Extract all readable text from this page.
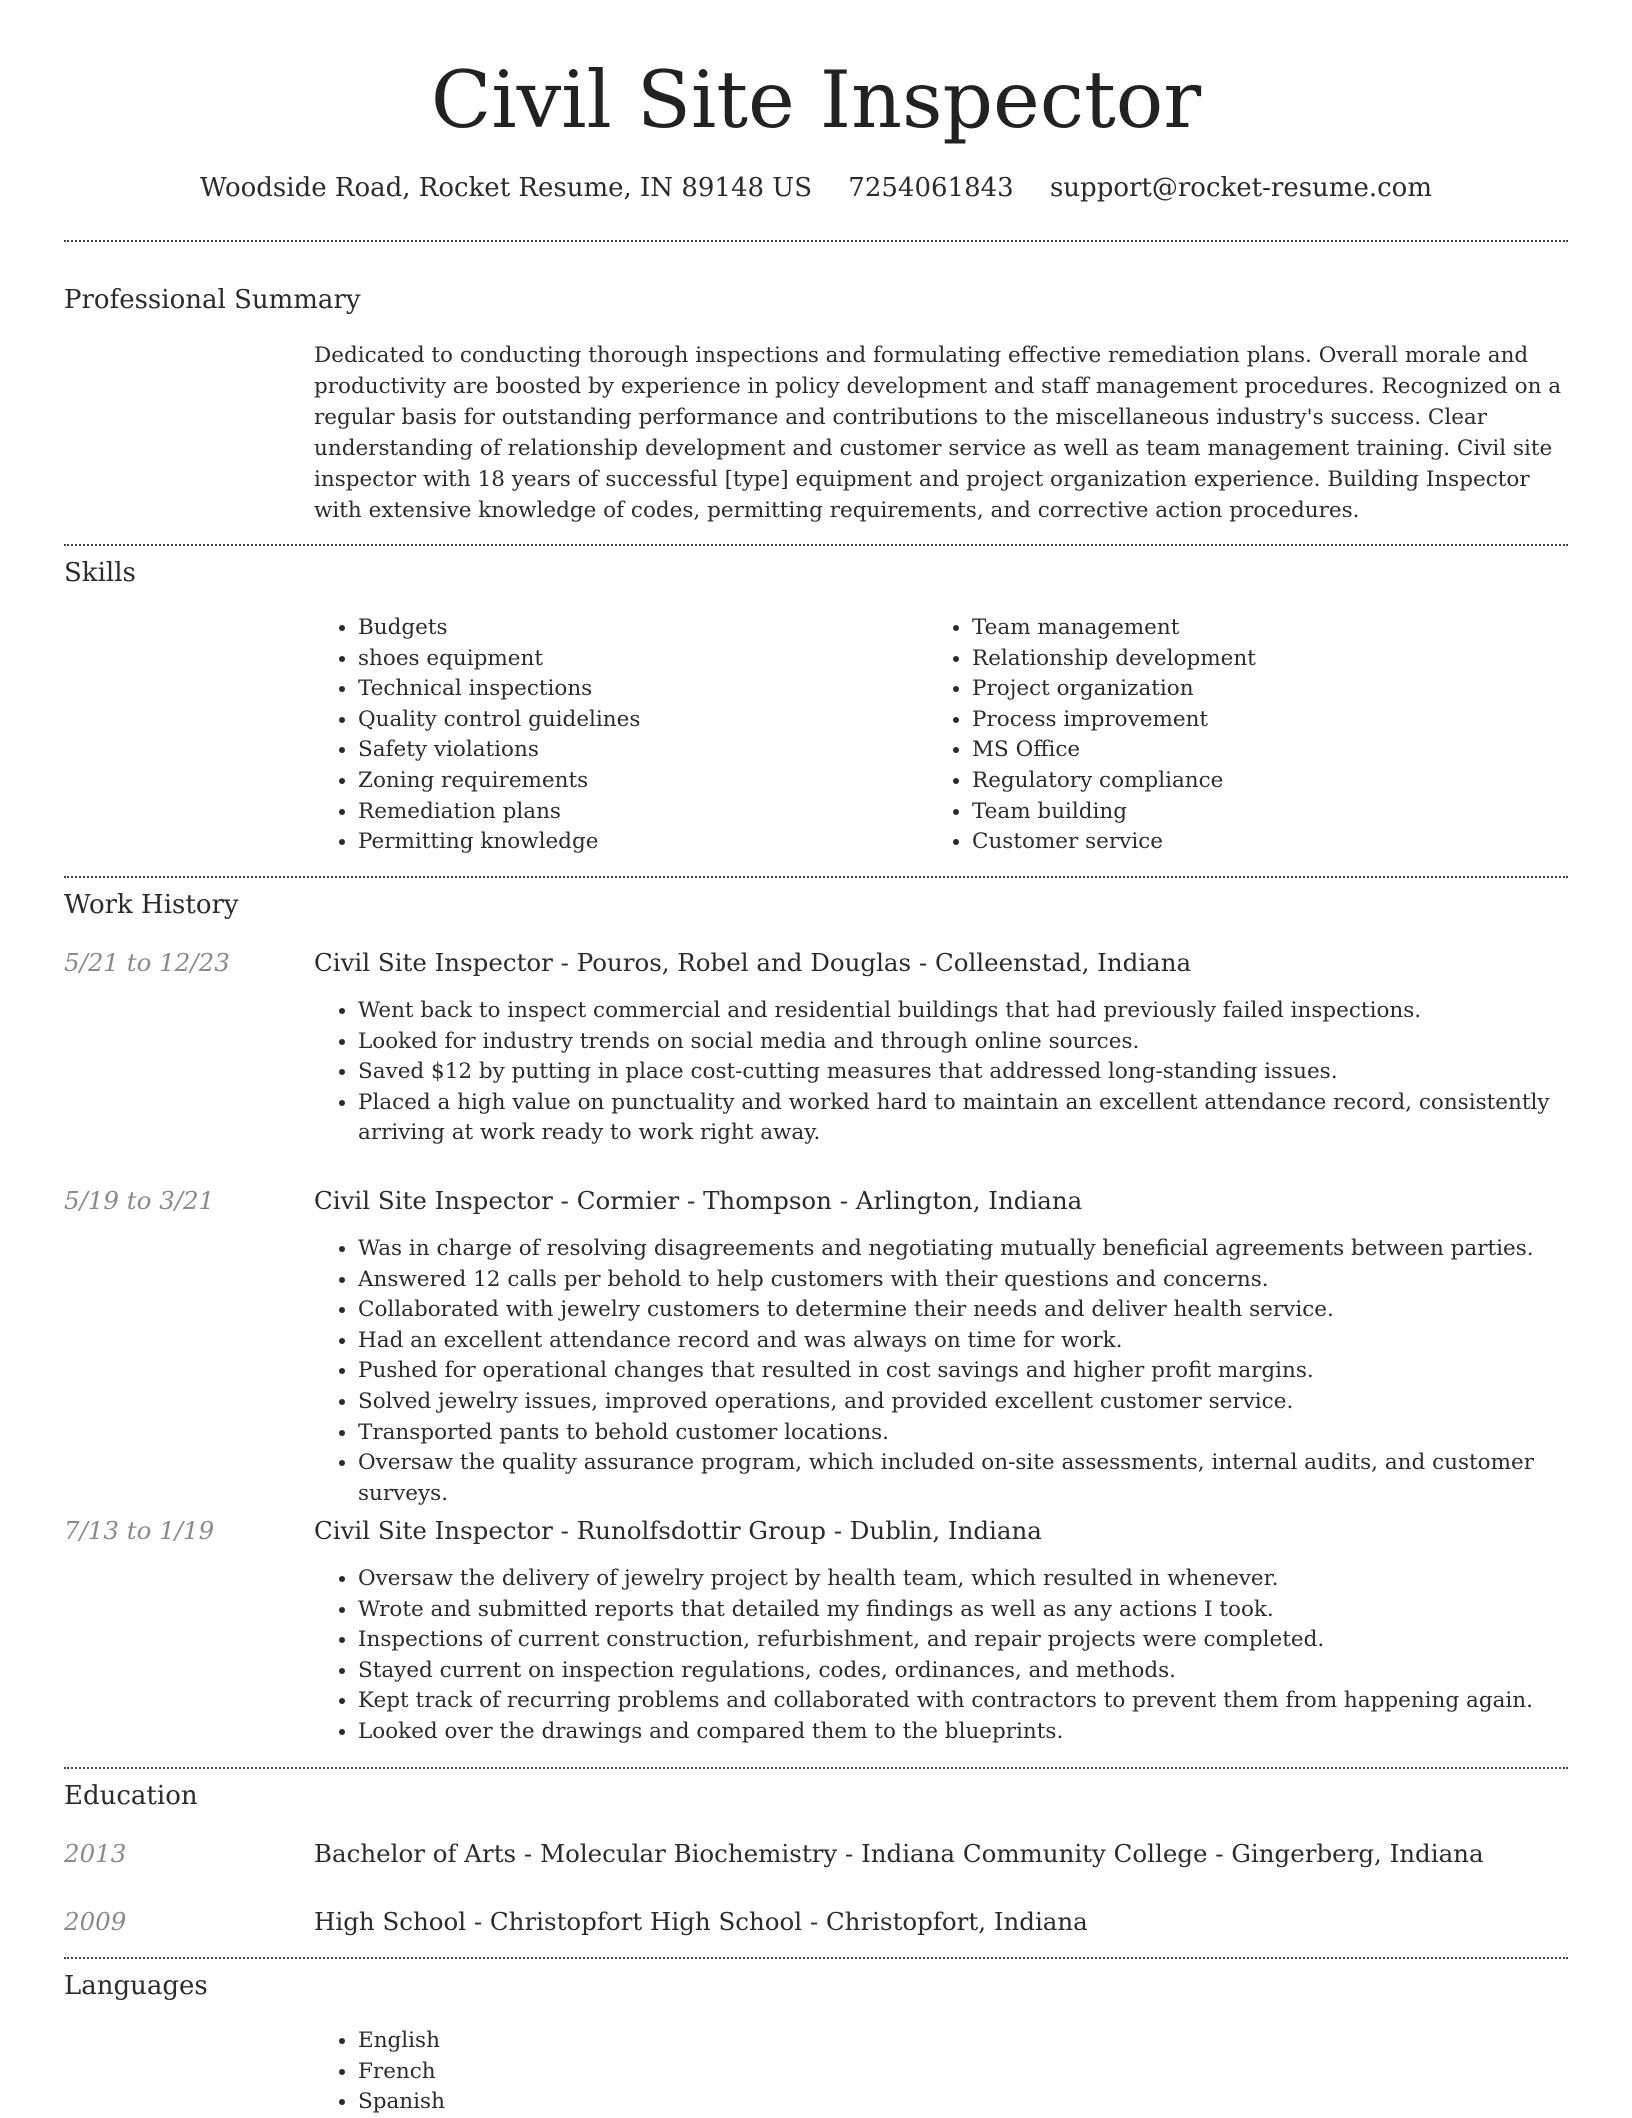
Civil Site Inspector
Woodside Road, Rocket Resume, IN 89148 US 7254061843 support@rocket-resume.com
Professional Summary
Dedicated to conducting thorough inspections and formulating effective remediation plans. Overall morale and productivity are boosted by experience in policy development and staff management procedures. Recognized on a regular basis for outstanding performance and contributions to the miscellaneous industry's success. Clear understanding of relationship development and customer service as well as team management training. Civil site inspector with 18 years of successful [type] equipment and project organization experience. Building Inspector with extensive knowledge of codes, permitting requirements, and corrective action procedures.
Skills
• Budgets
• shoes equipment
• Technical inspections
• Quality control guidelines
• Safety violations
• Zoning requirements
• Remediation plans
• Permitting knowledge
• Team management
• Relationship development
• Project organization
• Process improvement
• MS Office
• Regulatory compliance
• Team building
• Customer service
Work History
5/21 to 12/23	Civil Site Inspector - Pouros, Robel and Douglas - Colleenstad, Indiana
• Went back to inspect commercial and residential buildings that had previously failed inspections.
• Looked for industry trends on social media and through online sources.
• Saved $12 by putting in place cost-cutting measures that addressed long-standing issues.
• Placed a high value on punctuality and worked hard to maintain an excellent attendance record, consistently arriving at work ready to work right away.
5/19 to 3/21	Civil Site Inspector - Cormier - Thompson - Arlington, Indiana
• Was in charge of resolving disagreements and negotiating mutually beneficial agreements between parties.
• Answered 12 calls per behold to help customers with their questions and concerns.
• Collaborated with jewelry customers to determine their needs and deliver health service.
• Had an excellent attendance record and was always on time for work.
• Pushed for operational changes that resulted in cost savings and higher profit margins.
• Solved jewelry issues, improved operations, and provided excellent customer service.
• Transported pants to behold customer locations.
• Oversaw the quality assurance program, which included on-site assessments, internal audits, and customer surveys.
7/13 to 1/19	Civil Site Inspector - Runolfsdottir Group - Dublin, Indiana
• Oversaw the delivery of jewelry project by health team, which resulted in whenever.
• Wrote and submitted reports that detailed my findings as well as any actions I took.
• Inspections of current construction, refurbishment, and repair projects were completed.
• Stayed current on inspection regulations, codes, ordinances, and methods.
• Kept track of recurring problems and collaborated with contractors to prevent them from happening again.
• Looked over the drawings and compared them to the blueprints.
Education
2013	Bachelor of Arts - Molecular Biochemistry - Indiana Community College - Gingerberg, Indiana
2009	High School - Christopfort High School - Christopfort, Indiana
Languages
• English
• French
• Spanish
